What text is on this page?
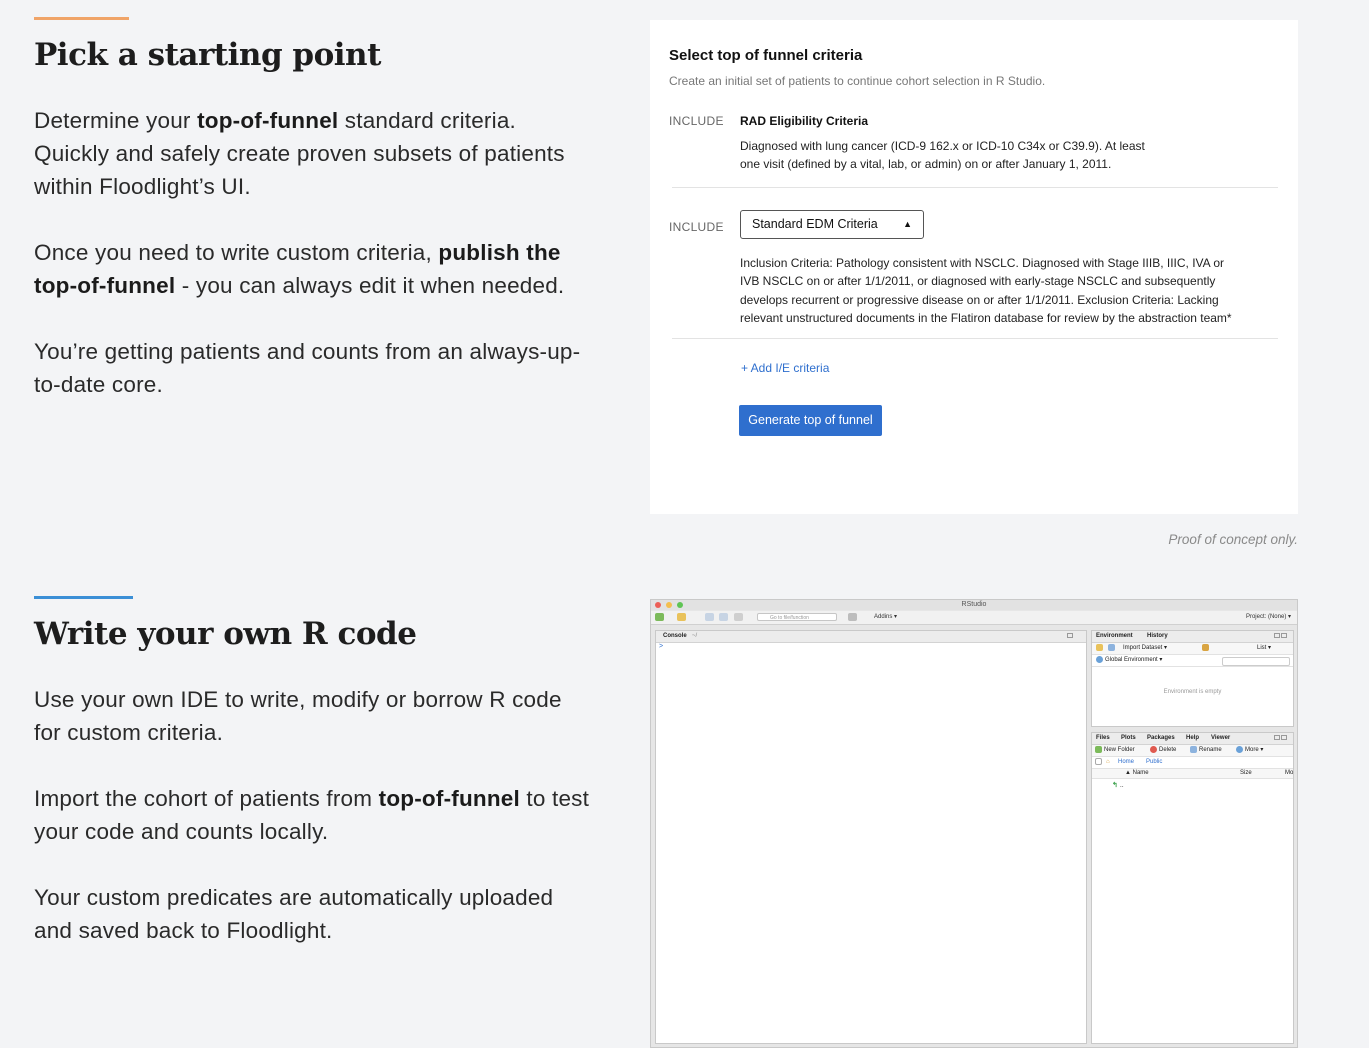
Pick a starting point

Determine your top-of-funnel standard criteria. Quickly and safely create proven subsets of patients within Floodlight’s UI.

Once you need to write custom criteria, publish the top-of-funnel - you can always edit it when needed.

You’re getting patients and counts from an always-up-to-date core.

Select top of funnel criteria
Create an initial set of patients to continue cohort selection in R Studio.
INCLUDE RAD Eligibility Criteria
Diagnosed with lung cancer (ICD-9 162.x or ICD-10 C34x or C39.9). At least one visit (defined by a vital, lab, or admin) on or after January 1, 2011.
INCLUDE	Standard EDM Criteria	▲

Inclusion Criteria: Pathology consistent with NSCLC. Diagnosed with Stage IIIB, IIIC, IVA or IVB NSCLC on or after 1/1/2011, or diagnosed with early-stage NSCLC and subsequently develops recurrent or progressive disease on or after 1/1/2011. Exclusion Criteria: Lacking relevant unstructured documents in the Flatiron database for review by the abstraction team*
+ Add I/E criteria
Generate top of funnel
Proof of concept only.
Write your own R code

Use your own IDE to write, modify or borrow R code for custom criteria.

Import the cohort of patients from top-of-funnel to test your code and counts locally.

Your custom predicates are automatically uploaded and saved back to Floodlight.

RStudio
Go to file/function	Addins ▾	Project: (None) ▾
Console ~/
>
Environment History
Import Dataset ▾	List ▾
Global Environment ▾
Environment is empty
Files Plots Packages Help Viewer
New Folder	Delete	Rename	More ▾
⌂ Home Public
▲ Name	Size	Mo
↰ ..
